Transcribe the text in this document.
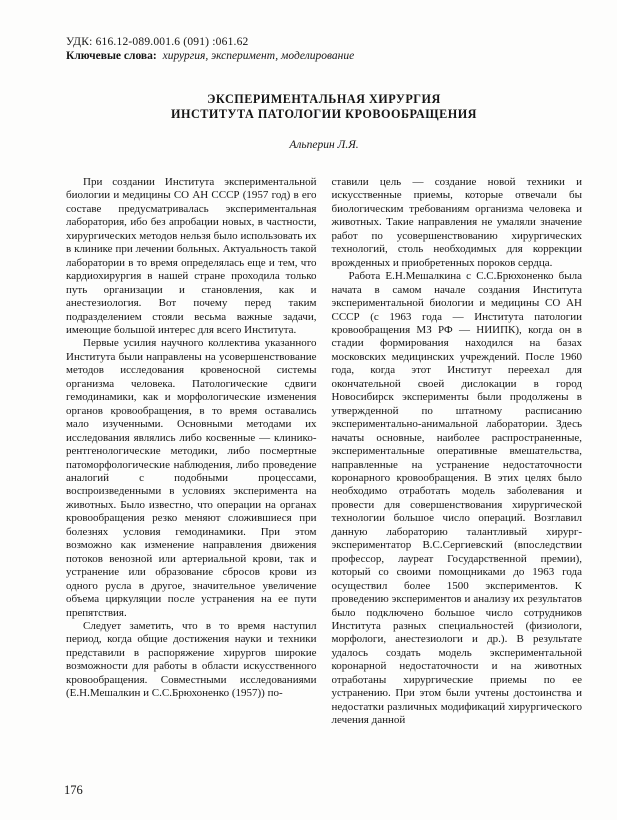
УДК: 616.12-089.001.6 (091) :061.62
Ключевые слова: хирургия, эксперимент, моделирование
ЭКСПЕРИМЕНТАЛЬНАЯ ХИРУРГИЯ
ИНСТИТУТА ПАТОЛОГИИ КРОВООБРАЩЕНИЯ
Альперин Л.Я.

При создании Института экспериментальной биологии и медицины СО АН СССР (1957 год) в его составе предусматривалась экспериментальная лаборатория, ибо без апробации новых, в частности, хирургических методов нельзя было использовать их в клинике при лечении больных. Актуальность такой лаборатории в то время определялась еще и тем, что кардиохирургия в нашей стране проходила только путь организации и становления, как и анестезиология. Вот почему перед таким подразделением стояли весьма важные задачи, имеющие большой интерес для всего Института.

Первые усилия научного коллектива указанного Института были направлены на усовершенствование методов исследования кровеносной системы организма человека. Патологические сдвиги гемодинамики, как и морфологические изменения органов кровообращения, в то время оставались мало изученными. Основными методами их исследования являлись либо косвенные — клинико-рентгенологические методики, либо посмертные патоморфологические наблюдения, либо проведение аналогий с подобными процессами, воспроизведенными в условиях эксперимента на животных. Было известно, что операции на органах кровообращения резко меняют сложившиеся при болезнях условия гемодинамики. При этом возможно как изменение направления движения потоков венозной или артериальной крови, так и устранение или образование сбросов крови из одного русла в другое, значительное увеличение объема циркуляции после устранения на ее пути препятствия.

Следует заметить, что в то время наступил период, когда общие достижения науки и техники представили в распоряжение хирургов широкие возможности для работы в области искусственного кровообращения. Совместными исследованиями (Е.Н.Мешалкин и С.С.Брюхоненко (1957)) по-

ставили цель — создание новой техники и искусственные приемы, которые отвечали бы биологическим требованиям организма человека и животных. Такие направления не умаляли значение работ по усовершенствованию хирургических технологий, столь необходимых для коррекции врожденных и приобретенных пороков сердца.

Работа Е.Н.Мешалкина с С.С.Брюхоненко была начата в самом начале создания Института экспериментальной биологии и медицины СО АН СССР (с 1963 года — Института патологии кровообращения МЗ РФ — НИИПК), когда он в стадии формирования находился на базах московских медицинских учреждений. После 1960 года, когда этот Институт переехал для окончательной своей дислокации в город Новосибирск эксперименты были продолжены в утвержденной по штатному расписанию экспериментально-анимальной лаборатории. Здесь начаты основные, наиболее распространенные, экспериментальные оперативные вмешательства, направленные на устранение недостаточности коронарного кровообращения. В этих целях было необходимо отработать модель заболевания и провести для совершенствования хирургической технологии большое число операций. Возглавил данную лабораторию талантливый хирург-экспериментатор В.С.Сергиевский (впоследствии профессор, лауреат Государственной премии), который со своими помощниками до 1963 года осуществил более 1500 экспериментов. К проведению экспериментов и анализу их результатов было подключено большое число сотрудников Института разных специальностей (физиологи, морфологи, анестезиологи и др.). В результате удалось создать модель экспериментальной коронарной недостаточности и на животных отработаны хирургические приемы по ее устранению. При этом были учтены достоинства и недостатки различных модификаций хирургического лечения данной

176
